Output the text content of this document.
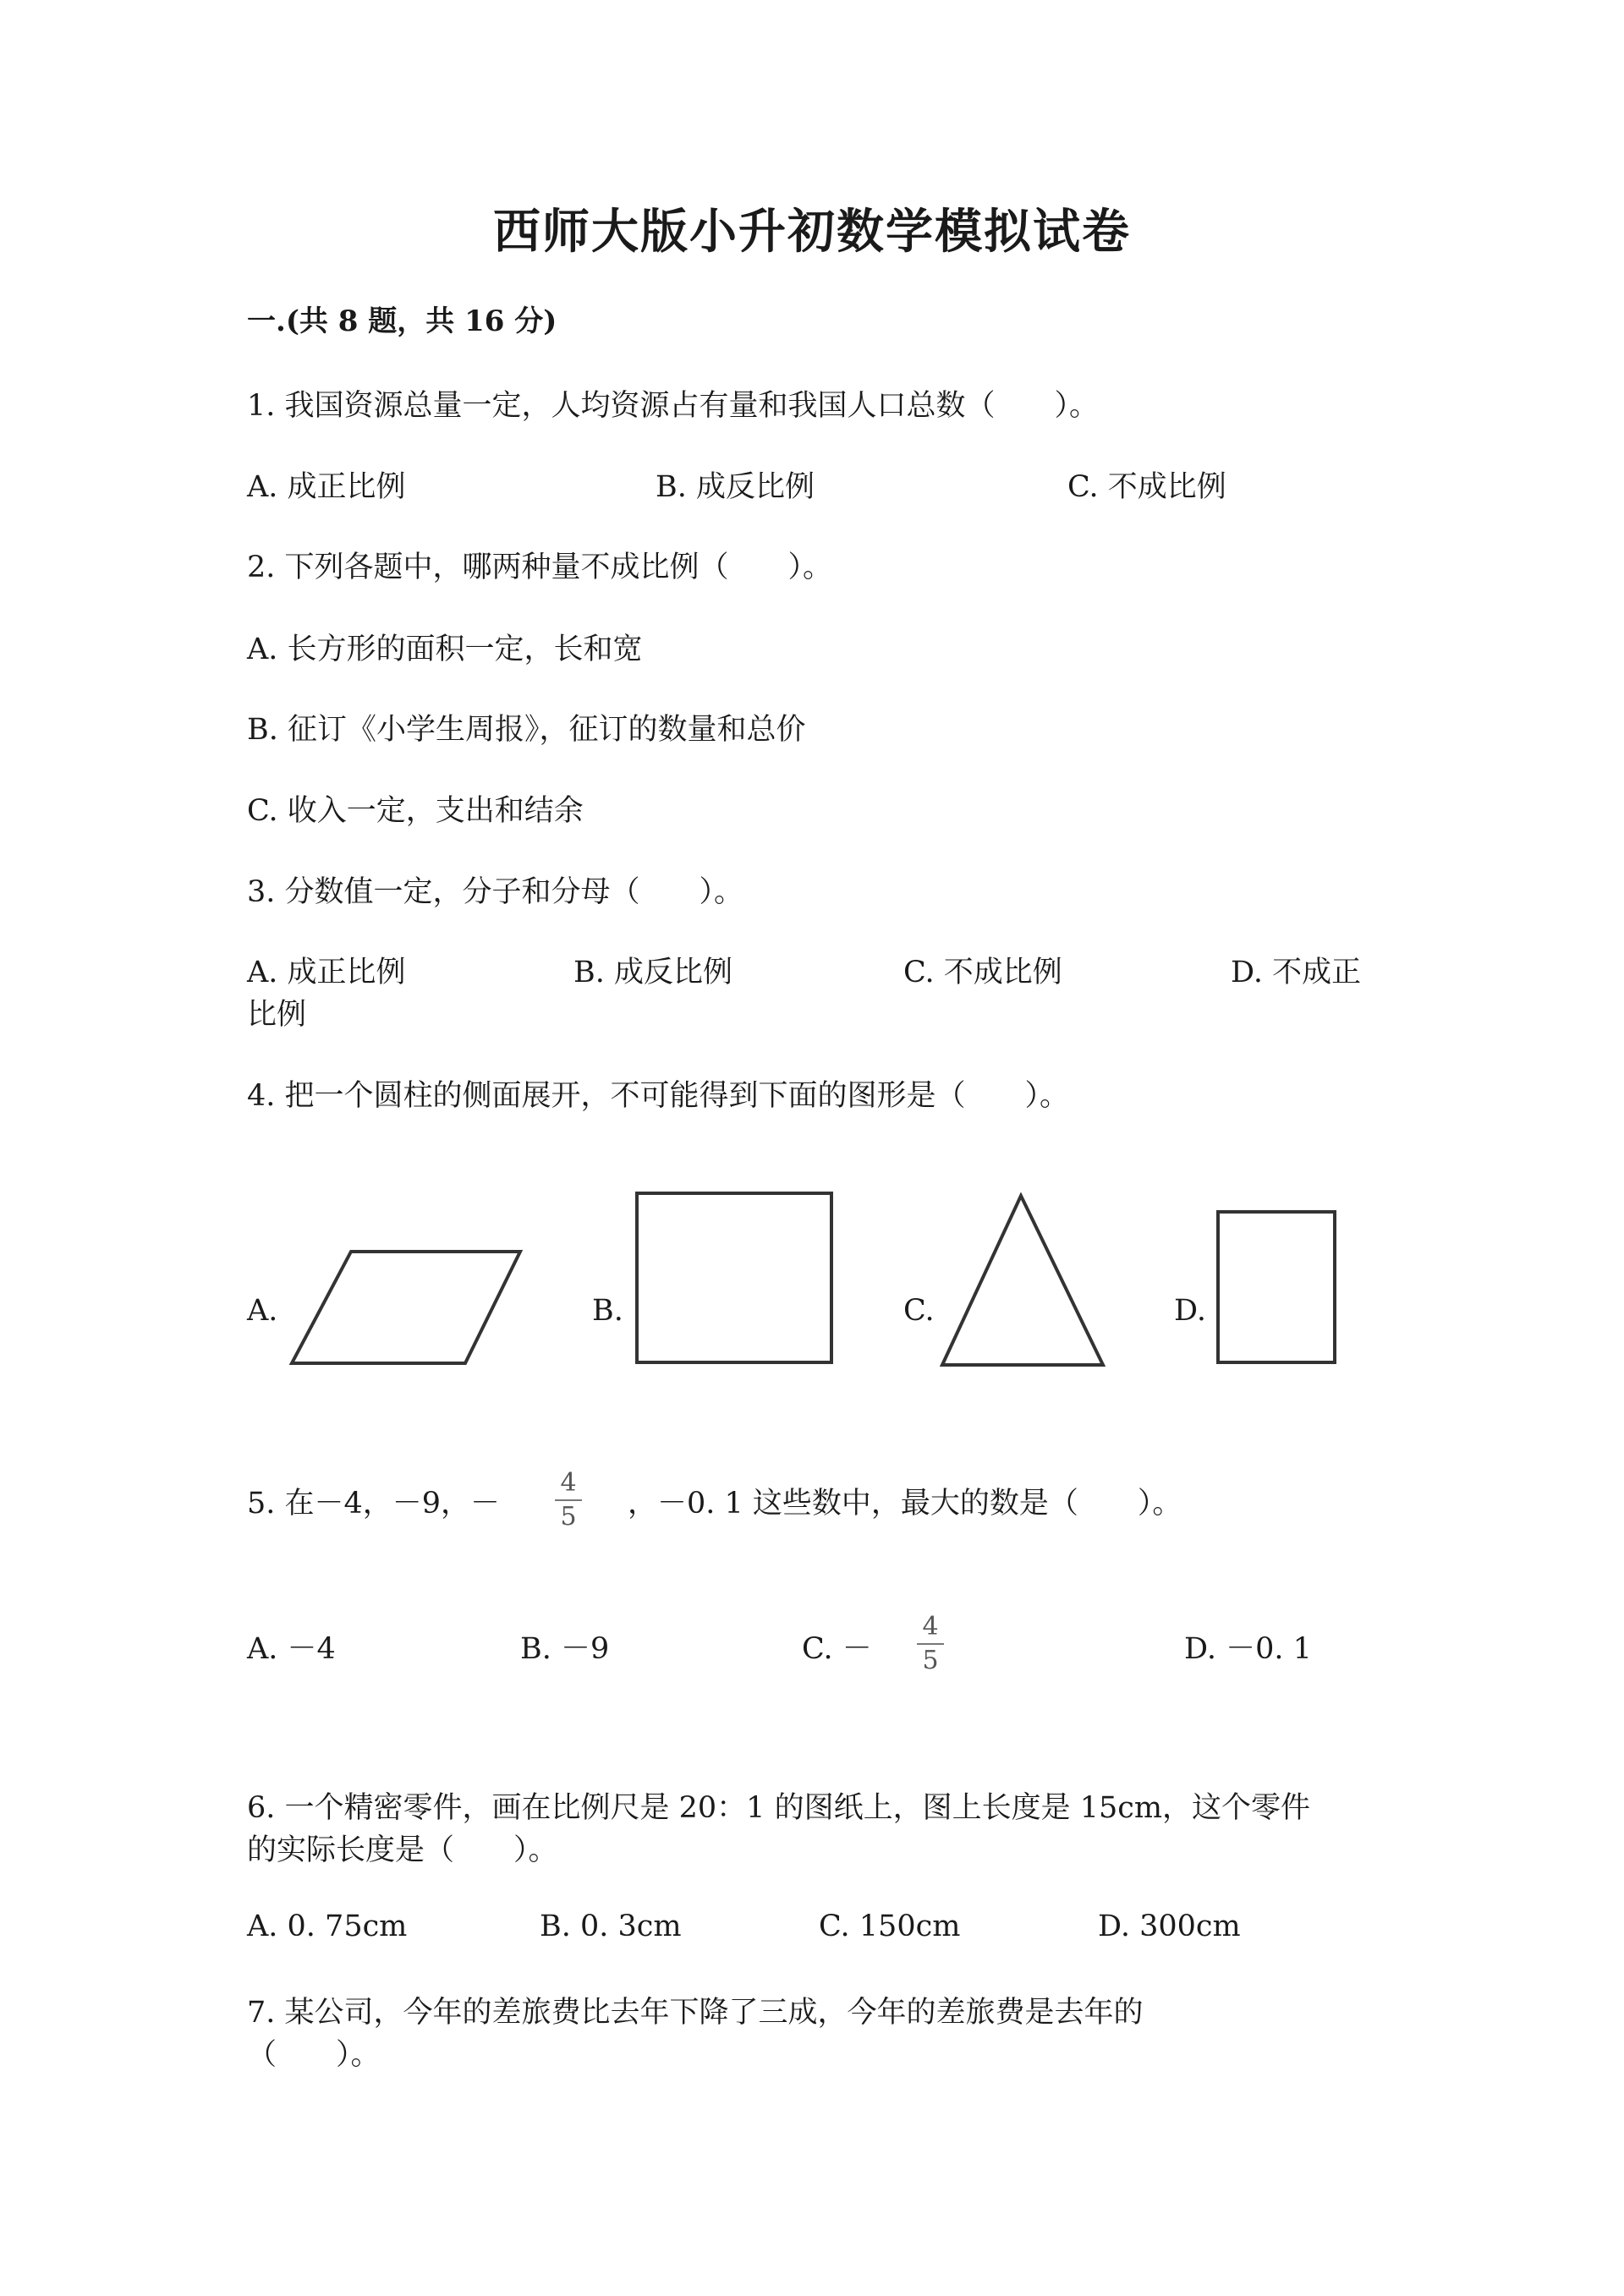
西师大版小升初数学模拟试卷
一.(共 8 题，共 16 分)
1. 我国资源总量一定，人均资源占有量和我国人口总数（　　）。
A. 成正比例	B. 成反比例	C. 不成比例
2. 下列各题中，哪两种量不成比例（　　）。
A. 长方形的面积一定，长和宽
B. 征订《小学生周报》，征订的数量和总价
C. 收入一定，支出和结余
3. 分数值一定，分子和分母（　　）。
A. 成正比例	B. 成反比例	C. 不成比例	D. 不成正
比例
4. 把一个圆柱的侧面展开，不可能得到下面的图形是（　　）。
A.	B.	C.	D.
5. 在－4，－9，－
4
5 ，－0. 1 这些数中，最大的数是（　　）。
A. －4	B. －9	C. －
4
5	D. －0. 1
6. 一个精密零件，画在比例尺是 20：1 的图纸上，图上长度是 15cm，这个零件
的实际长度是（　　）。
A. 0. 75cm	B. 0. 3cm	C. 150cm	D. 300cm
7. 某公司，今年的差旅费比去年下降了三成，今年的差旅费是去年的
（　　）。
